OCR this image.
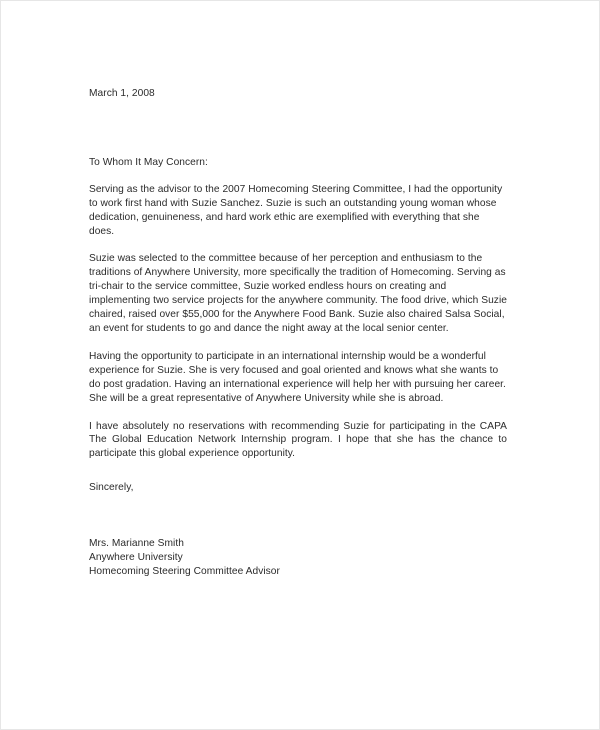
March 1, 2008

To Whom It May Concern:

Serving as the advisor to the 2007 Homecoming Steering Committee, I had the opportunity to work first hand with Suzie Sanchez. Suzie is such an outstanding young woman whose dedication, genuineness, and hard work ethic are exemplified with everything that she does.

Suzie was selected to the committee because of her perception and enthusiasm to the traditions of Anywhere University, more specifically the tradition of Homecoming. Serving as tri-chair to the service committee, Suzie worked endless hours on creating and implementing two service projects for the anywhere community. The food drive, which Suzie chaired, raised over $55,000 for the Anywhere Food Bank. Suzie also chaired Salsa Social, an event for students to go and dance the night away at the local senior center.

Having the opportunity to participate in an international internship would be a wonderful experience for Suzie. She is very focused and goal oriented and knows what she wants to do post gradation. Having an international experience will help her with pursuing her career. She will be a great representative of Anywhere University while she is abroad.

I have absolutely no reservations with recommending Suzie for participating in the CAPA The Global Education Network Internship program. I hope that she has the chance to participate this global experience opportunity.

Sincerely,

Mrs. Marianne Smith

Anywhere University

Homecoming Steering Committee Advisor
